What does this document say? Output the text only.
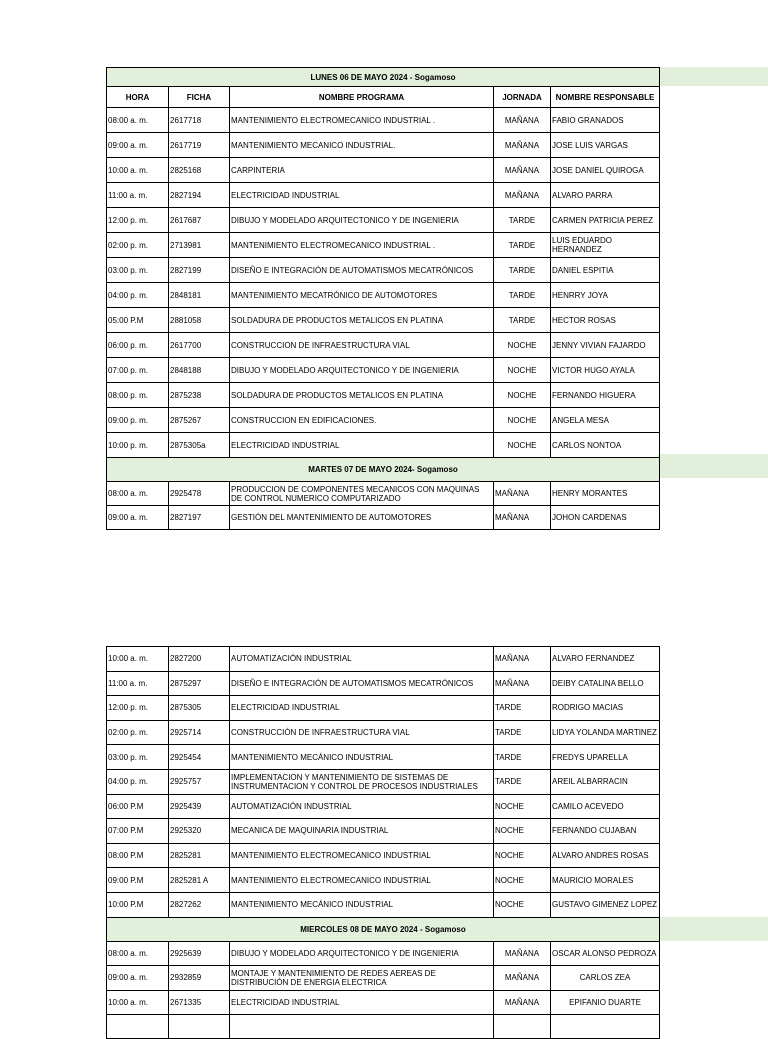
LUNES 06 DE MAYO 2024 - Sogamoso				
HORA	FICHA	NOMBRE PROGRAMA	JORNADA	NOMBRE RESPONSABLE
08:00 a. m.	2617718	MANTENIMIENTO ELECTROMECANICO INDUSTRIAL .	MAÑANA	FABIO GRANADOS
09:00 a. m.	2617719	MANTENIMIENTO MECANICO INDUSTRIAL.	MAÑANA	JOSE LUIS VARGAS
10:00 a. m.	2825168	CARPINTERIA	MAÑANA	JOSE DANIEL QUIROGA
11:00 a. m.	2827194	ELECTRICIDAD INDUSTRIAL	MAÑANA	ALVARO PARRA
12:00 p. m.	2617687	DIBUJO Y MODELADO ARQUITECTONICO Y DE INGENIERIA	TARDE	CARMEN PATRICIA PEREZ
02:00 p. m.	2713981	MANTENIMIENTO ELECTROMECANICO INDUSTRIAL .	TARDE	LUIS EDUARDO HERNANDEZ
03:00 p. m.	2827199	DISEÑO E INTEGRACIÓN DE AUTOMATISMOS MECATRÓNICOS	TARDE	DANIEL ESPITIA
04:00 p. m.	2848181	MANTENIMIENTO MECATRÓNICO DE AUTOMOTORES	TARDE	HENRRY JOYA
05:00 P.M	2881058	SOLDADURA DE PRODUCTOS METALICOS EN PLATINA	TARDE	HECTOR ROSAS
06:00 p. m.	2617700	CONSTRUCCION DE INFRAESTRUCTURA VIAL	NOCHE	JENNY VIVIAN FAJARDO
07:00 p. m.	2848188	DIBUJO Y MODELADO ARQUITECTONICO Y DE INGENIERIA	NOCHE	VICTOR HUGO AYALA
08:00 p. m.	2875238	SOLDADURA DE PRODUCTOS METALICOS EN PLATINA	NOCHE	FERNANDO HIGUERA
09:00 p. m.	2875267	CONSTRUCCION EN EDIFICACIONES.	NOCHE	ANGELA MESA
10:00 p. m.	2875305a	ELECTRICIDAD INDUSTRIAL	NOCHE	CARLOS NONTOA
MARTES 07 DE MAYO 2024- Sogamoso				
08:00 a. m.	2925478	PRODUCCION DE COMPONENTES MECANICOS CON MAQUINAS DE CONTROL NUMERICO COMPUTARIZADO	MAÑANA	HENRY MORANTES
09:00 a. m.	2827197	GESTIÓN DEL MANTENIMIENTO DE AUTOMOTORES	MAÑANA	JOHON CARDENAS
10:00 a. m.	2827200	AUTOMATIZACIÓN INDUSTRIAL	MAÑANA	ALVARO FERNANDEZ
11:00 a. m.	2875297	DISEÑO E INTEGRACIÓN DE AUTOMATISMOS MECATRÓNICOS	MAÑANA	DEIBY CATALINA BELLO
12:00 p. m.	2875305	ELECTRICIDAD INDUSTRIAL	TARDE	RODRIGO MACIAS
02:00 p. m.	2925714	CONSTRUCCIÓN DE INFRAESTRUCTURA VIAL	TARDE	LIDYA YOLANDA MARTINEZ
03:00 p. m.	2925454	MANTENIMIENTO MECÁNICO INDUSTRIAL	TARDE	FREDYS UPARELLA
04:00 p. m.	2925757	IMPLEMENTACION Y MANTENIMIENTO DE SISTEMAS DE INSTRUMENTACION Y CONTROL DE PROCESOS INDUSTRIALES	TARDE	AREIL ALBARRACIN
06:00 P.M	2925439	AUTOMATIZACIÓN INDUSTRIAL	NOCHE	CAMILO ACEVEDO
07:00 P.M	2925320	MECANICA DE MAQUINARIA INDUSTRIAL	NOCHE	FERNANDO CUJABAN
08:00 P.M	2825281	MANTENIMIENTO ELECTROMECANICO INDUSTRIAL	NOCHE	ALVARO ANDRES ROSAS
09:00 P.M	2825281 A	MANTENIMIENTO ELECTROMECANICO INDUSTRIAL	NOCHE	MAURICIO MORALES
10:00 P.M	2827262	MANTENIMIENTO MECÁNICO INDUSTRIAL	NOCHE	GUSTAVO GIMENEZ LOPEZ
MIERCOLES 08 DE MAYO 2024 - Sogamoso				
08:00 a. m.	2925639	DIBUJO Y MODELADO ARQUITECTONICO Y DE INGENIERIA	MAÑANA	OSCAR ALONSO PEDROZA
09:00 a. m.	2932859	MONTAJE Y MANTENIMIENTO DE REDES AEREAS DE DISTRIBUCIÓN DE ENERGIA ELECTRICA	MAÑANA	CARLOS ZEA
10:00 a. m.	2671335	ELECTRICIDAD INDUSTRIAL	MAÑANA	EPIFANIO DUARTE
